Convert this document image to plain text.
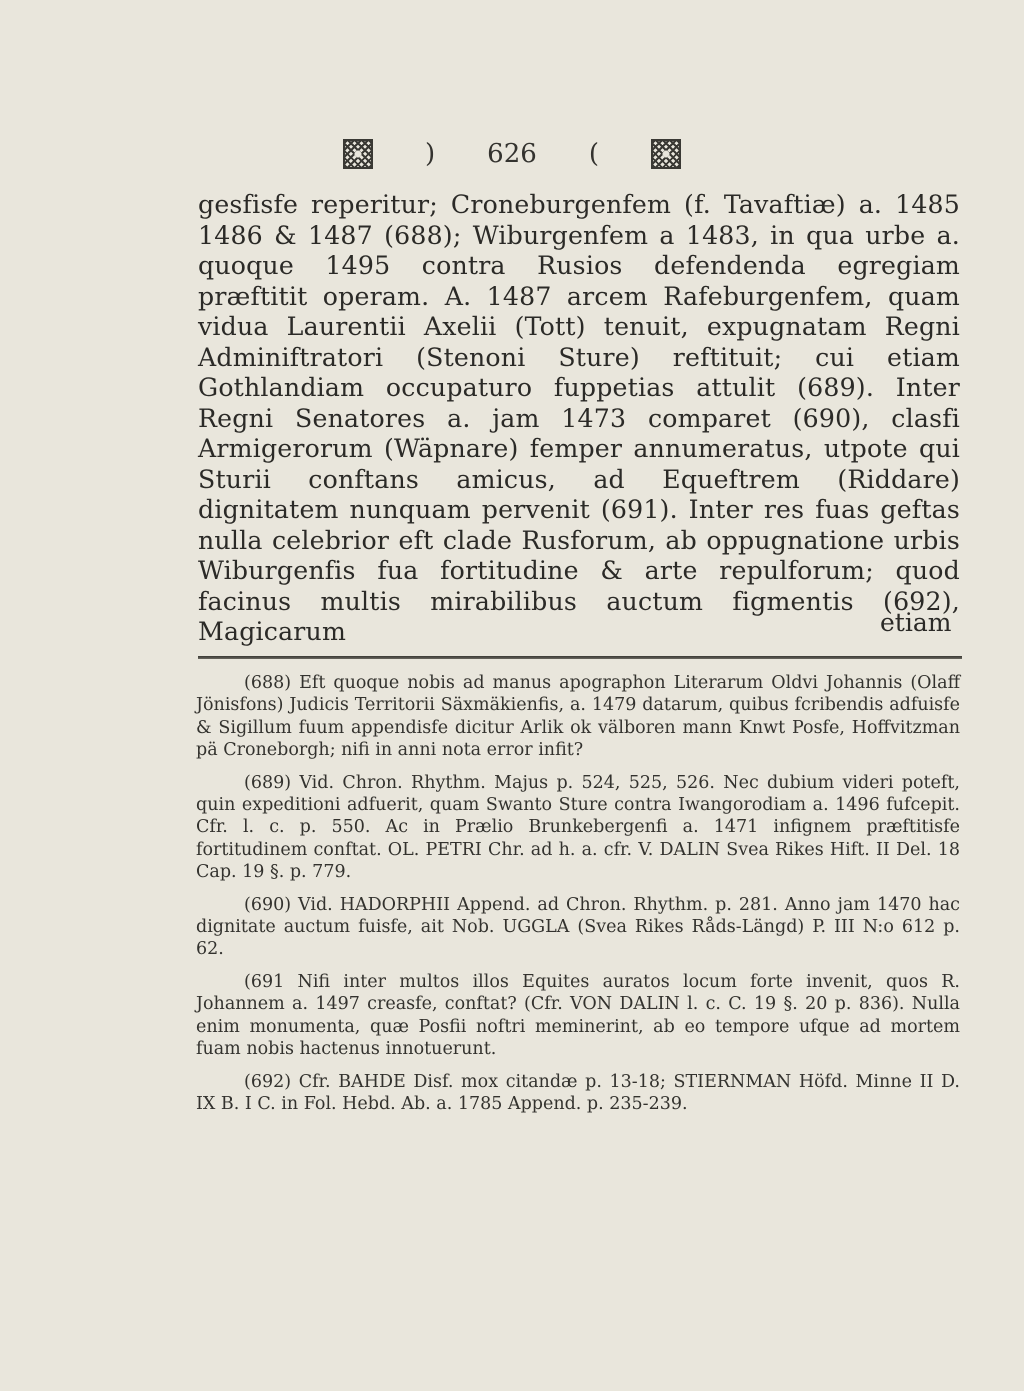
) 626 (

gesfisfe reperitur; Croneburgenfem (f. Tavaftiæ) a. 1485 1486 & 1487 (688); Wiburgenfem a 1483, in qua urbe a. quoque 1495 contra Rusios defendenda egregiam præftitit operam. A. 1487 arcem Rafeburgenfem, quam vidua Laurentii Axelii (Tott) tenuit, expugnatam Regni Adminiftratori (Stenoni Sture) reftituit; cui etiam Gothlandiam occupaturo fuppetias attulit (689). Inter Regni Senatores a. jam 1473 comparet (690), clasfi Armigerorum (Wäpnare) femper annumeratus, utpote qui Sturii conftans amicus, ad Equeftrem (Riddare) dignitatem nunquam pervenit (691). Inter res fuas geftas nulla celebrior eft clade Rusforum, ab oppugnatione urbis Wiburgenfis fua fortitudine & arte repulforum; quod facinus multis mirabilibus auctum figmentis (692), Magicarum	etiam

(688) Eft quoque nobis ad manus apographon Literarum Oldvi Johannis (Olaff Jönisfons) Judicis Territorii Säxmäkienfis, a. 1479 datarum, quibus fcribendis adfuisfe & Sigillum fuum appendisfe dicitur Arlik ok välboren mann Knwt Posfe, Hoffvitzman pä Croneborgh; nifi in anni nota error infit?

(689) Vid. Chron. Rhythm. Majus p. 524, 525, 526. Nec dubium videri poteft, quin expeditioni adfuerit, quam Swanto Sture contra Iwangorodiam a. 1496 fufcepit. Cfr. l. c. p. 550. Ac in Prælio Brunkebergenfi a. 1471 infignem præftitisfe fortitudinem conftat. OL. PETRI Chr. ad h. a. cfr. V. DALIN Svea Rikes Hift. II Del. 18 Cap. 19 §. p. 779.

(690) Vid. HADORPHII Append. ad Chron. Rhythm. p. 281. Anno jam 1470 hac dignitate auctum fuisfe, ait Nob. UGGLA (Svea Rikes Råds-Längd) P. III N:o 612 p. 62.

(691 Nifi inter multos illos Equites auratos locum forte invenit, quos R. Johannem a. 1497 creasfe, conftat? (Cfr. VON DALIN l. c. C. 19 §. 20 p. 836). Nulla enim monumenta, quæ Posfii noftri meminerint, ab eo tempore ufque ad mortem fuam nobis hactenus innotuerunt.

(692) Cfr. BAHDE Disf. mox citandæ p. 13-18; STIERNMAN Höfd. Minne II D. IX B. I C. in Fol. Hebd. Ab. a. 1785 Append. p. 235-239.
